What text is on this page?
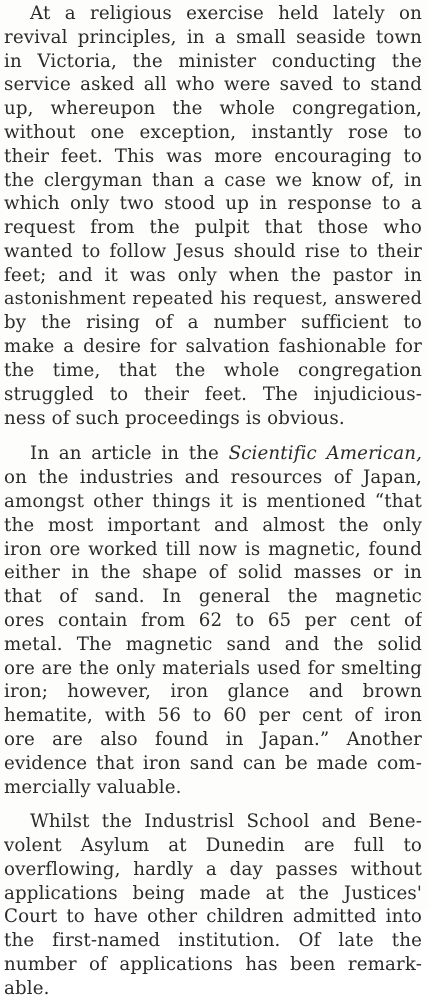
At a religious exercise held lately on
revival principles, in a small seaside town
in Victoria, the minister conducting the
service asked all who were saved to stand
up, whereupon the whole congregation,
without one exception, instantly rose to
their feet. This was more encouraging to
the clergyman than a case we know of, in
which only two stood up in response to a
request from the pulpit that those who
wanted to follow Jesus should rise to their
feet; and it was only when the pastor in
astonishment repeated his request, answered
by the rising of a number sufficient to
make a desire for salvation fashionable for
the time, that the whole congregation
struggled to their feet. The injudicious-
ness of such proceedings is obvious.
In an article in the Scientific American,
on the industries and resources of Japan,
amongst other things it is mentioned “that
the most important and almost the only
iron ore worked till now is magnetic, found
either in the shape of solid masses or in
that of sand. In general the magnetic
ores contain from 62 to 65 per cent of
metal. The magnetic sand and the solid
ore are the only materials used for smelting
iron; however, iron glance and brown
hematite, with 56 to 60 per cent of iron
ore are also found in Japan.” Another
evidence that iron sand can be made com-
mercially valuable.
Whilst the Industrisl School and Bene-
volent Asylum at Dunedin are full to
overflowing, hardly a day passes without
applications being made at the Justices'
Court to have other children admitted into
the first-named institution. Of late the
number of applications has been remark-
able.
